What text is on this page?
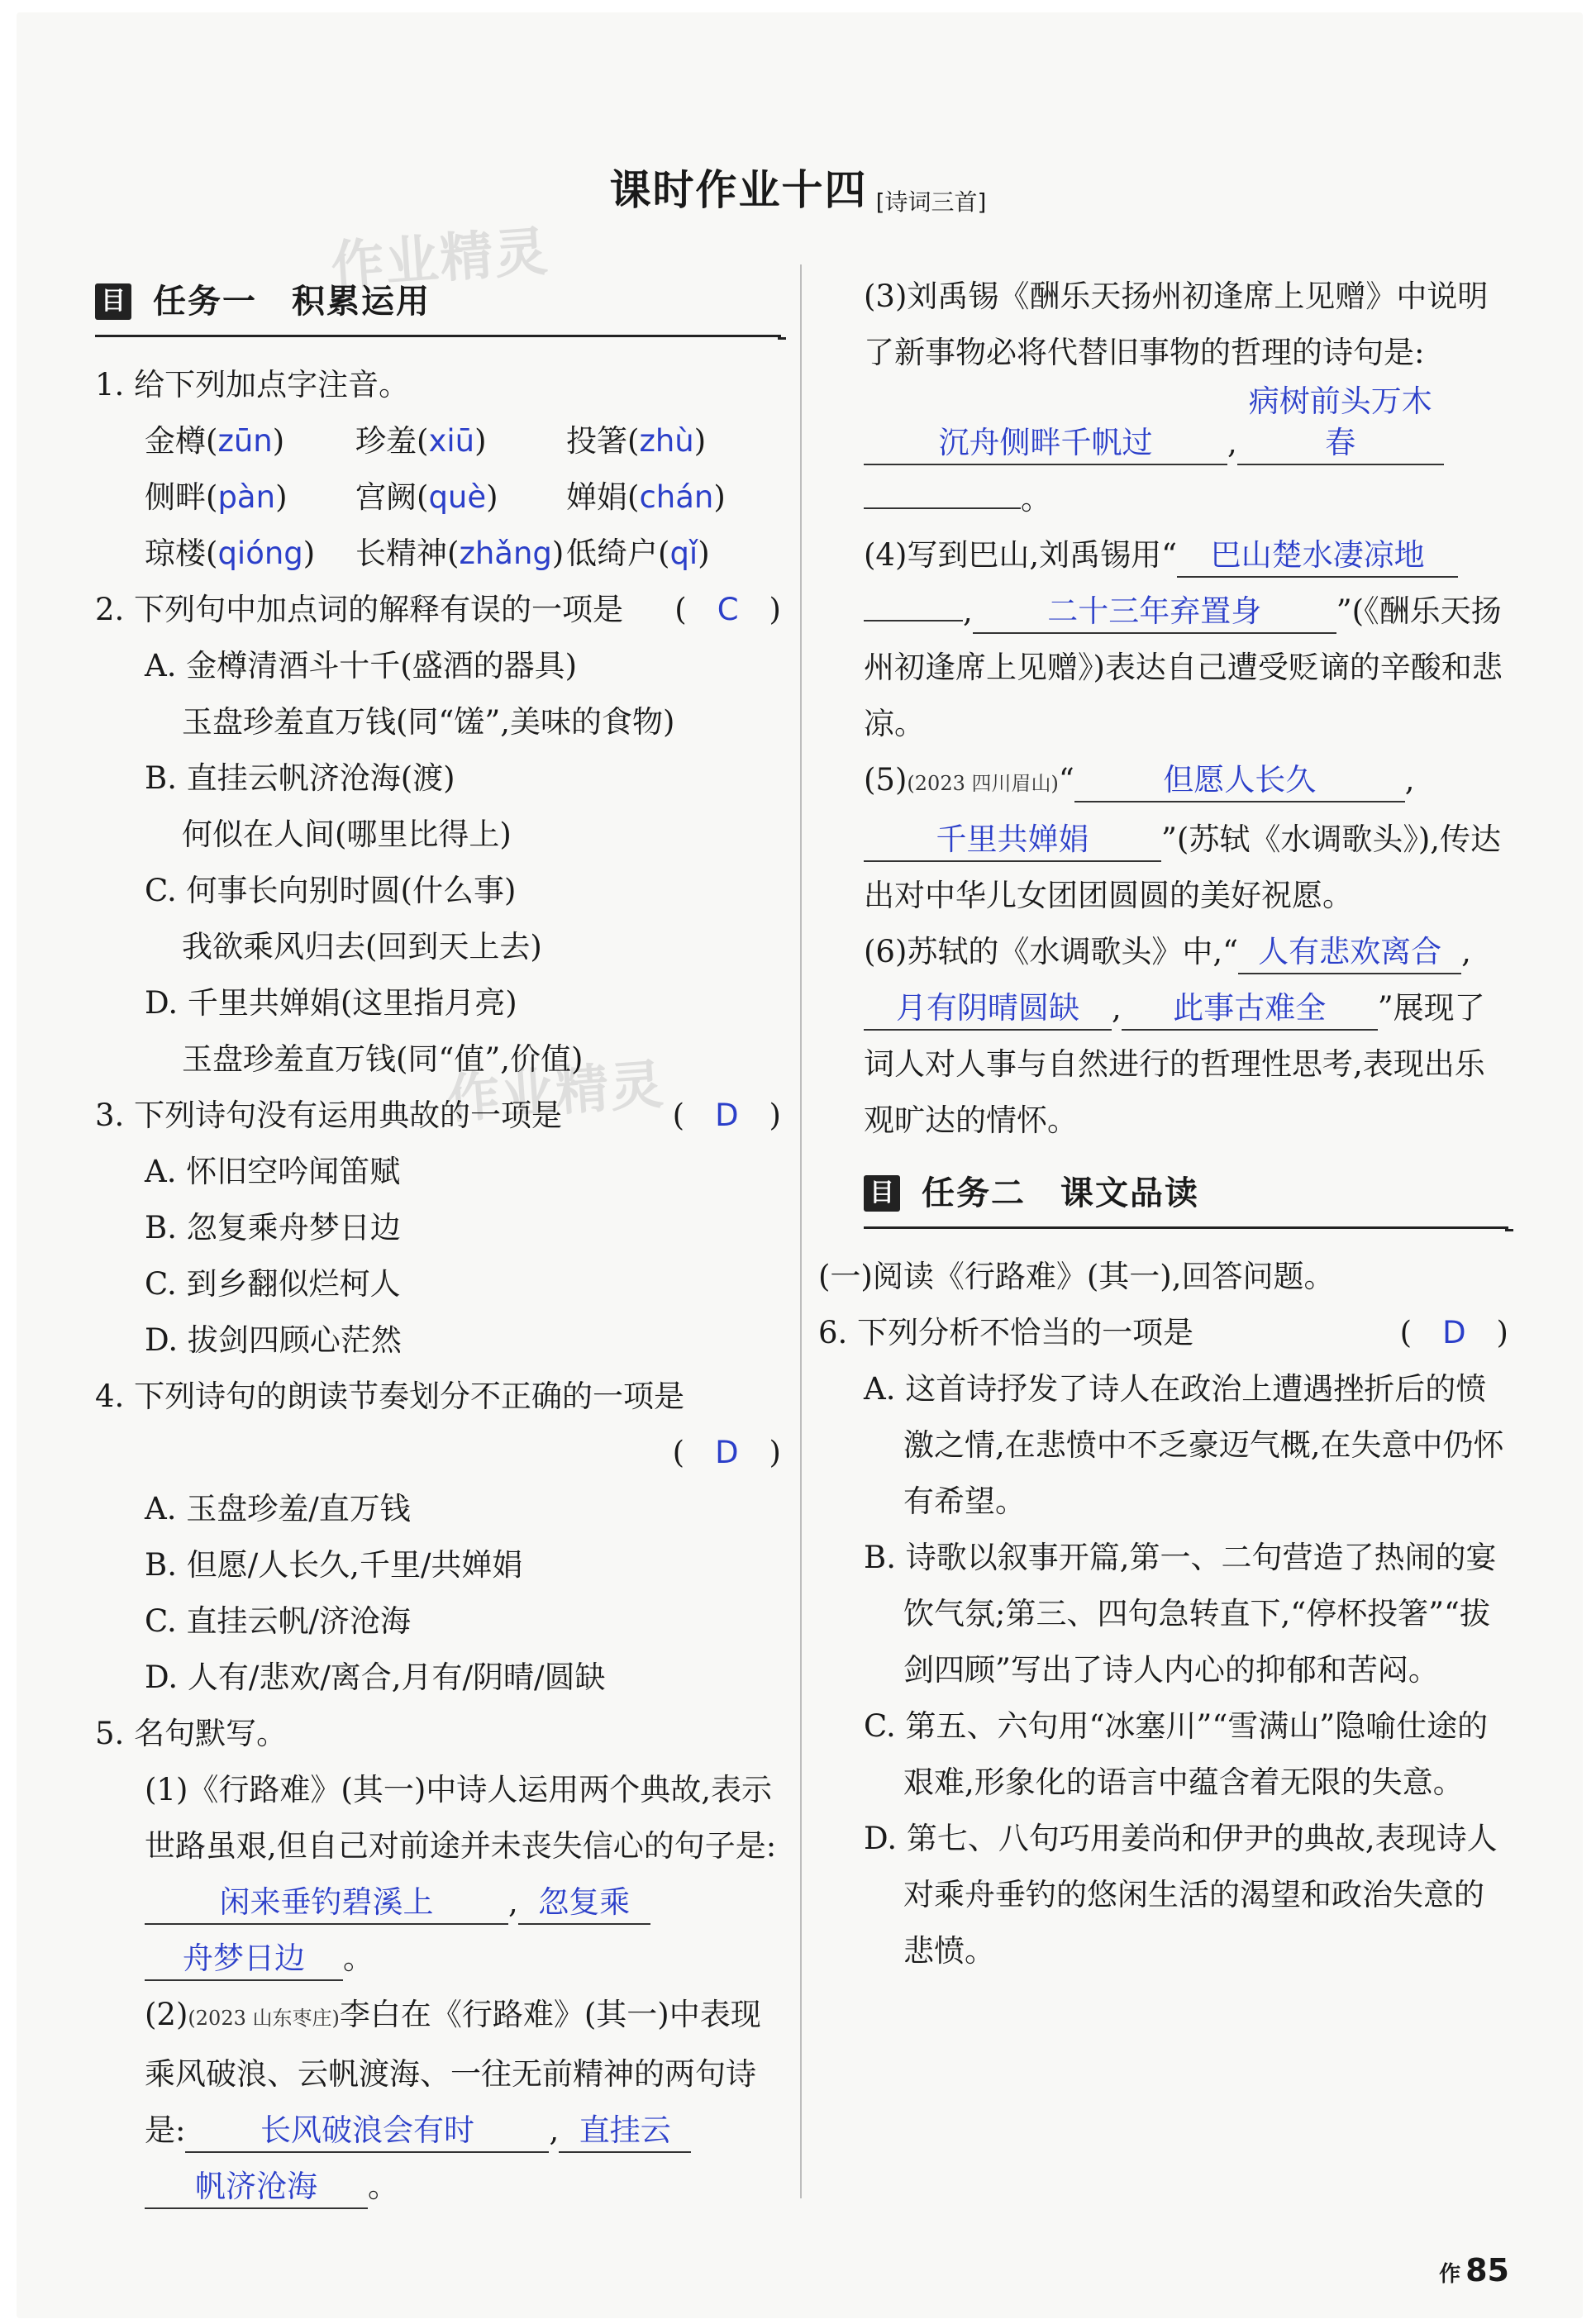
课时作业十四 [诗词三首]
作业精灵
作业精灵
目 任务一　积累运用

1. 给下列加点字注音。

金樽(zūn)	珍羞(xiū)	投箸(zhù)
侧畔(pàn)	宫阙(què)	婵娟(chán)
琼楼(qióng)	长精神(zhǎng) 低绮户(qǐ)

2. 下列句中加点词的解释有误的一项是 (　C　)

A. 金樽清酒斗十千(盛酒的器具)
玉盘珍羞直万钱(同“馐”,美味的食物)
B. 直挂云帆济沧海(渡)
何似在人间(哪里比得上)
C. 何事长向别时圆(什么事)
我欲乘风归去(回到天上去)
D. 千里共婵娟(这里指月亮)
玉盘珍羞直万钱(同“值”,价值)

3. 下列诗句没有运用典故的一项是	(　D　)

A. 怀旧空吟闻笛赋
B. 忽复乘舟梦日边
C. 到乡翻似烂柯人
D. 拔剑四顾心茫然

4. 下列诗句的朗读节奏划分不正确的一项是

(　D　)

A. 玉盘珍羞/直万钱
B. 但愿/人长久,千里/共婵娟
C. 直挂云帆/济沧海
D. 人有/悲欢/离合,月有/阴晴/圆缺

5. 名句默写。

(1)《行路难》(其一)中诗人运用两个典故,表示世路虽艰,但自己对前途并未丧失信心的句子是:闲来垂钓碧溪上 , 忽复乘
舟梦日边 。
(2)(2023 山东枣庄)李白在《行路难》(其一)中表现乘风破浪、云帆渡海、一往无前精神的两句诗是: 长风破浪会有时 , 直挂云
帆济沧海 。
(3)刘禹锡《酬乐天扬州初逢席上见赠》中说明了新事物必将代替旧事物的哲理的诗句是:沉舟侧畔千帆过 ,病树前头万木春
。
(4)写到巴山,刘禹锡用“ 巴山楚水凄凉地
, 二十三年弃置身 ”(《酬乐天扬州初逢席上见赠》)表达自己遭受贬谪的辛酸和悲凉。
(5)(2023 四川眉山)“	但愿人长久	,
千里共婵娟 ”(苏轼《水调歌头》),传达出对中华儿女团团圆圆的美好祝愿。
(6)苏轼的《水调歌头》中,“ 人有悲欢离合 ,
月有阴晴圆缺 , 此事古难全 ”展现了词人对人事与自然进行的哲理性思考,表现出乐观旷达的情怀。
目 任务二　课文品读

(一)阅读《行路难》(其一),回答问题。

6. 下列分析不恰当的一项是	(　D　)

A. 这首诗抒发了诗人在政治上遭遇挫折后的愤激之情,在悲愤中不乏豪迈气概,在失意中仍怀有希望。
B. 诗歌以叙事开篇,第一、二句营造了热闹的宴饮气氛;第三、四句急转直下,“停杯投箸”“拔剑四顾”写出了诗人内心的抑郁和苦闷。
C. 第五、六句用“冰塞川”“雪满山”隐喻仕途的艰难,形象化的语言中蕴含着无限的失意。
D. 第七、八句巧用姜尚和伊尹的典故,表现诗人对乘舟垂钓的悠闲生活的渴望和政治失意的悲愤。
作 85
